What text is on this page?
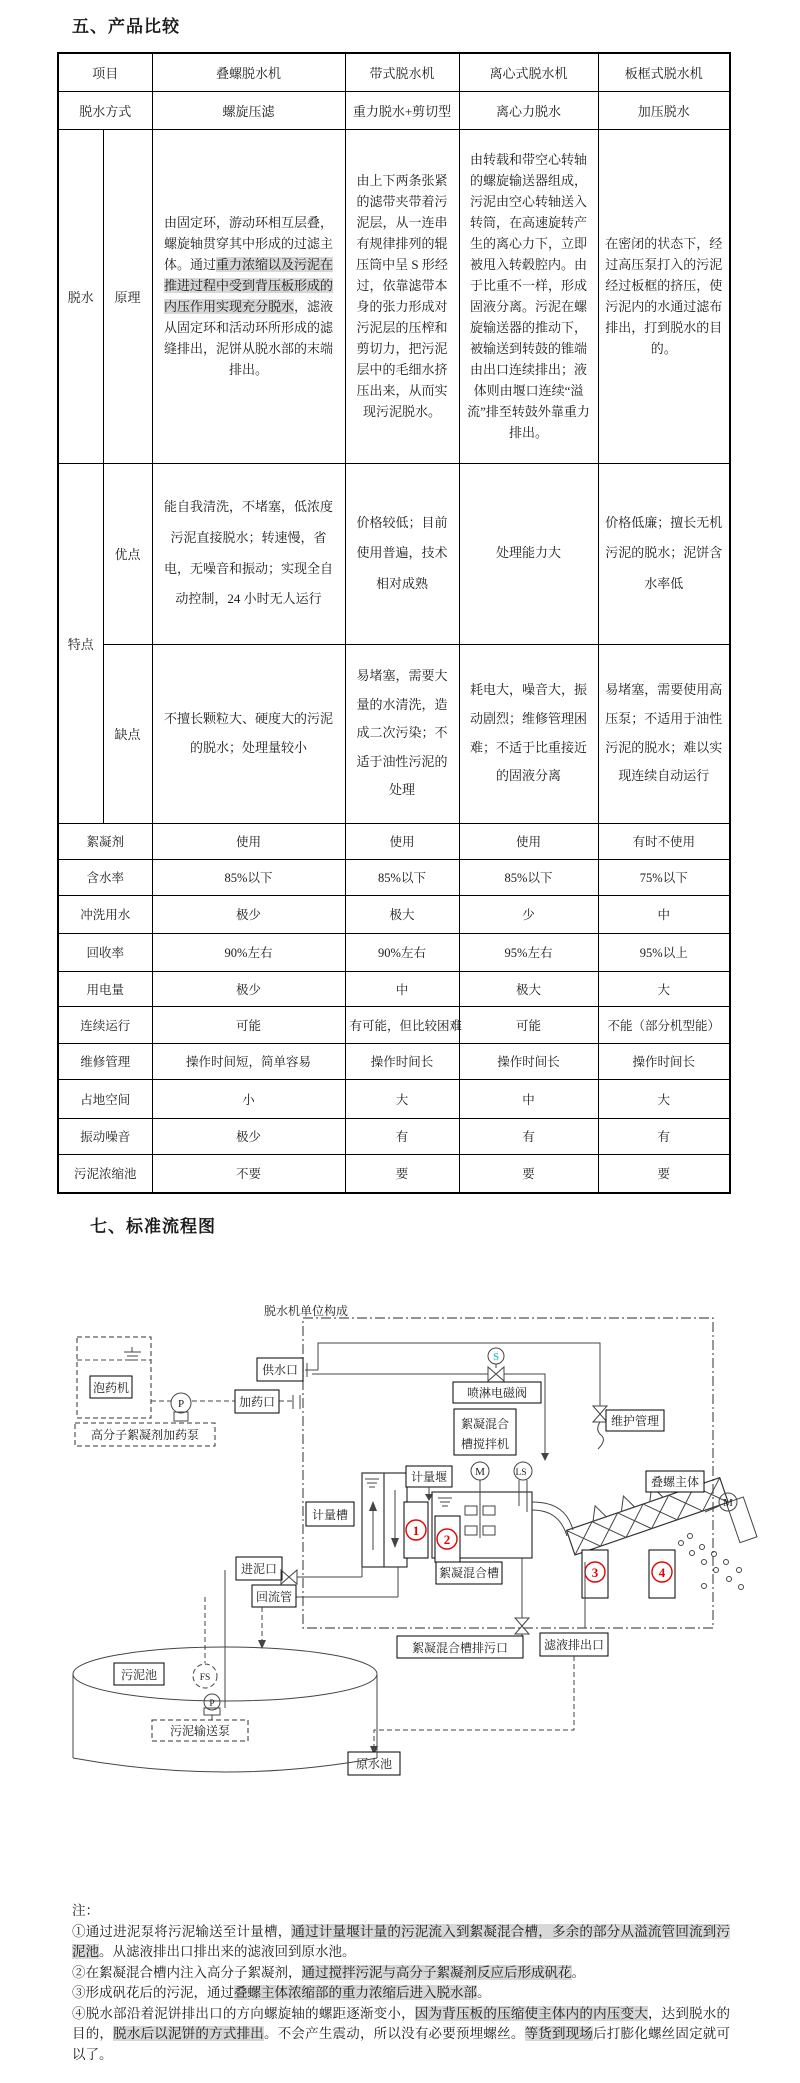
五、产品比较
项目		叠螺脱水机	带式脱水机	离心式脱水机	板框式脱水机
脱水方式		螺旋压滤	重力脱水+剪切型	离心力脱水	加压脱水
脱水	原理	由固定环，游动环相互层叠，螺旋轴贯穿其中形成的过滤主体。通过重力浓缩以及污泥在推进过程中受到背压板形成的内压作用实现充分脱水，滤液从固定环和活动环所形成的滤缝排出，泥饼从脱水部的末端排出。	由上下两条张紧的滤带夹带着污泥层，从一连串有规律排列的辊压筒中呈 S 形经过，依靠滤带本身的张力形成对污泥层的压榨和剪切力，把污泥层中的毛细水挤压出来，从而实现污泥脱水。	由转载和带空心转轴的螺旋输送器组成，污泥由空心转轴送入转筒，在高速旋转产生的离心力下，立即被甩入转毂腔内。由于比重不一样，形成固液分离。污泥在螺旋输送器的推动下，被输送到转鼓的锥端由出口连续排出；液体则由堰口连续“溢流”排至转鼓外靠重力排出。	在密闭的状态下，经过高压泵打入的污泥经过板框的挤压，使污泥内的水通过滤布排出，打到脱水的目的。
特点	优点	能自我清洗，不堵塞，低浓度污泥直接脱水；转速慢，省电，无噪音和振动；实现全自动控制，24 小时无人运行	价格较低；目前使用普遍，技术相对成熟	处理能力大	价格低廉；擅长无机污泥的脱水；泥饼含水率低
	缺点	不擅长颗粒大、硬度大的污泥的脱水；处理量较小	易堵塞，需要大量的水清洗，造成二次污染；不适于油性污泥的处理	耗电大，噪音大，振动剧烈；维修管理困难；不适于比重接近的固液分离	易堵塞，需要使用高压泵；不适用于油性污泥的脱水；难以实现连续自动运行
絮凝剂		使用	使用	使用	有时不使用
含水率		85%以下	85%以下	85%以下	75%以下
冲洗用水		极少	极大	少	中
回收率		90%左右	90%左右	95%左右	95%以上
用电量		极少	中	极大	大
连续运行		可能	有可能，但比较困难	可能	不能（部分机型能）
维修管理		操作时间短，简单容易	操作时间长	操作时间长	操作时间长
占地空间		小	大	中	大
振动噪音		极少	有	有	有
污泥浓缩池		不要	要	要	要
七、标准流程图
脱水机单位构成
S
喷淋电磁阀
维护管理
供水口
加药口
泡药机
P
高分子絮凝剂加药泵
絮凝混合
槽搅拌机
计量槽
计量堰
1
M	LS
絮凝混合槽
2
M
叠螺主体
3	4
滤液排出口
原水池
絮凝混合槽排污口
进泥口
回流管
污泥池	FS
P
污泥输送泵

注：

①通过进泥泵将污泥输送至计量槽，通过计量堰计量的污泥流入到絮凝混合槽，多余的部分从溢流管回流到污泥池。从滤液排出口排出来的滤液回到原水池。

②在絮凝混合槽内注入高分子絮凝剂，通过搅拌污泥与高分子絮凝剂反应后形成矾花。

③形成矾花后的污泥，通过叠螺主体浓缩部的重力浓缩后进入脱水部。

④脱水部沿着泥饼排出口的方向螺旋轴的螺距逐渐变小，因为背压板的压缩使主体内的内压变大，达到脱水的目的，脱水后以泥饼的方式排出。不会产生震动，所以没有必要预埋螺丝。等货到现场后打膨化螺丝固定就可以了。
